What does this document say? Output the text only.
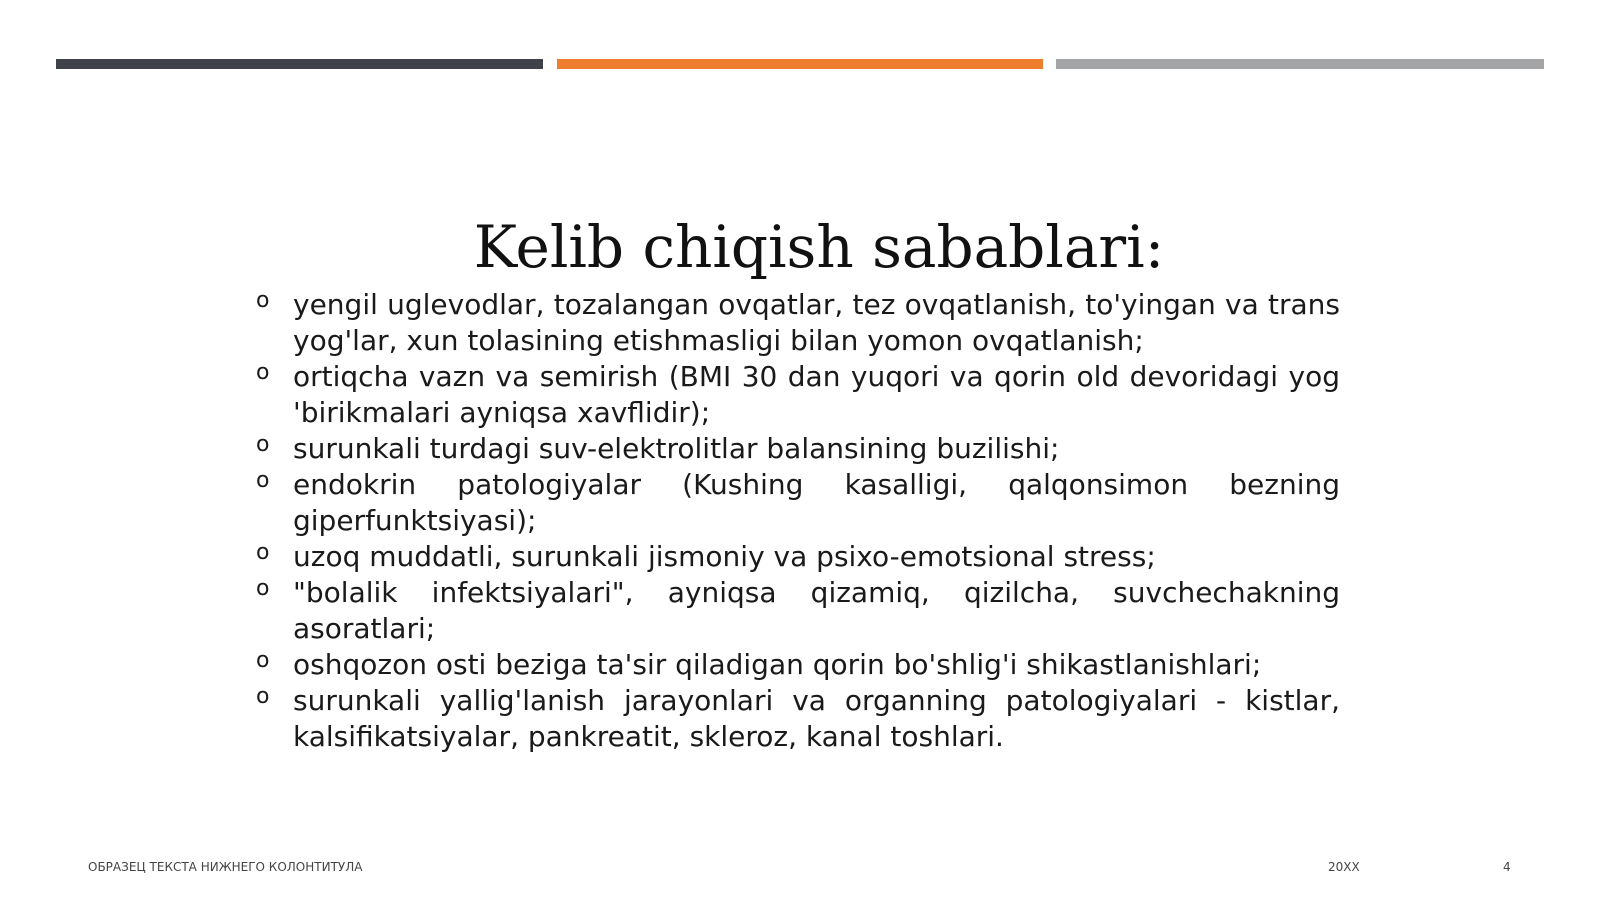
Kelib chiqish sabablari:
o yengil uglevodlar, tozalangan ovqatlar, tez ovqatlanish, to'yingan va trans yog'lar, xun tolasining etishmasligi bilan yomon ovqatlanish;
o ortiqcha vazn va semirish (BMI 30 dan yuqori va qorin old devoridagi yog 'birikmalari ayniqsa xavflidir);
o surunkali turdagi suv-elektrolitlar balansining buzilishi;
o endokrin patologiyalar (Kushing kasalligi, qalqonsimon bezning giperfunktsiyasi);
o uzoq muddatli, surunkali jismoniy va psixo-emotsional stress;
o "bolalik infektsiyalari", ayniqsa qizamiq, qizilcha, suvchechakning asoratlari;
o oshqozon osti beziga ta'sir qiladigan qorin bo'shlig'i shikastlanishlari;
o surunkali yallig'lanish jarayonlari va organning patologiyalari - kistlar, kalsifikatsiyalar, pankreatit, skleroz, kanal toshlari.
ОБРАЗЕЦ ТЕКСТА НИЖНЕГО КОЛОНТИТУЛА	20XX	4
